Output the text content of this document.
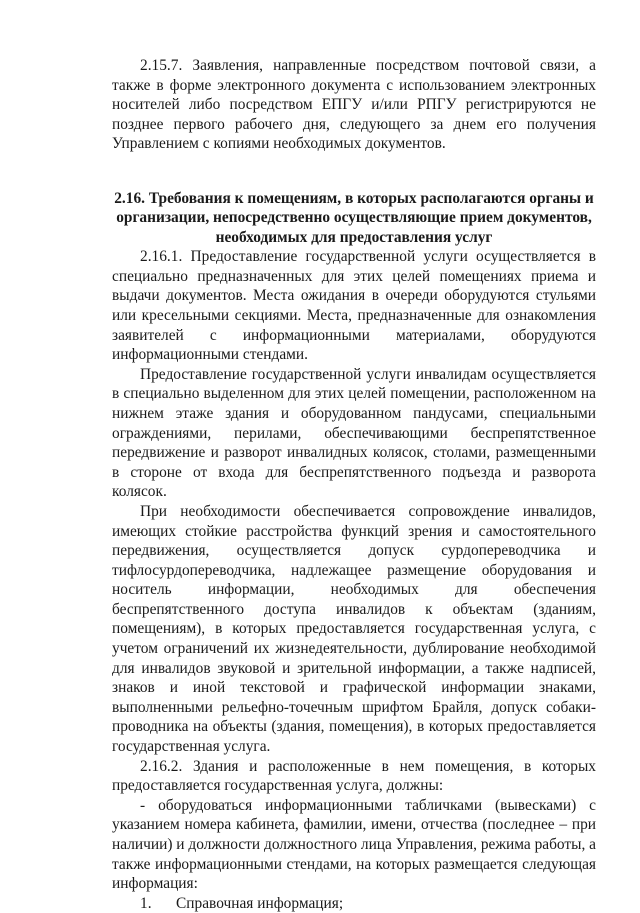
2.15.7. Заявления, направленные посредством почтовой связи, а также в форме электронного документа с использованием электронных носителей либо посредством ЕПГУ и/или РПГУ регистрируются не позднее первого рабочего дня, следующего за днем его получения Управлением с копиями необходимых документов.

2.16. Требования к помещениям, в которых располагаются органы и организации, непосредственно осуществляющие прием документов, необходимых для предоставления услуг

2.16.1. Предоставление государственной услуги осуществляется в специально предназначенных для этих целей помещениях приема и выдачи документов. Места ожидания в очереди оборудуются стульями или кресельными секциями. Места, предназначенные для ознакомления заявителей с информационными материалами, оборудуются информационными стендами.

Предоставление государственной услуги инвалидам осуществляется в специально выделенном для этих целей помещении, расположенном на нижнем этаже здания и оборудованном пандусами, специальными ограждениями, перилами, обеспечивающими беспрепятственное передвижение и разворот инвалидных колясок, столами, размещенными в стороне от входа для беспрепятственного подъезда и разворота колясок.

При необходимости обеспечивается сопровождение инвалидов, имеющих стойкие расстройства функций зрения и самостоятельного передвижения, осуществляется допуск сурдопереводчика и тифлосурдопереводчика, надлежащее размещение оборудования и носитель информации, необходимых для обеспечения беспрепятственного доступа инвалидов к объектам (зданиям, помещениям), в которых предоставляется государственная услуга, с учетом ограничений их жизнедеятельности, дублирование необходимой для инвалидов звуковой и зрительной информации, а также надписей, знаков и иной текстовой и графической информации знаками, выполненными рельефно-точечным шрифтом Брайля, допуск собаки-проводника на объекты (здания, помещения), в которых предоставляется государственная услуга.

2.16.2. Здания и расположенные в нем помещения, в которых предоставляется государственная услуга, должны:

- оборудоваться информационными табличками (вывесками) с указанием номера кабинета, фамилии, имени, отчества (последнее – при наличии) и должности должностного лица Управления, режима работы, а также информационными стендами, на которых размещается следующая информация:

1. Справочная информация;
